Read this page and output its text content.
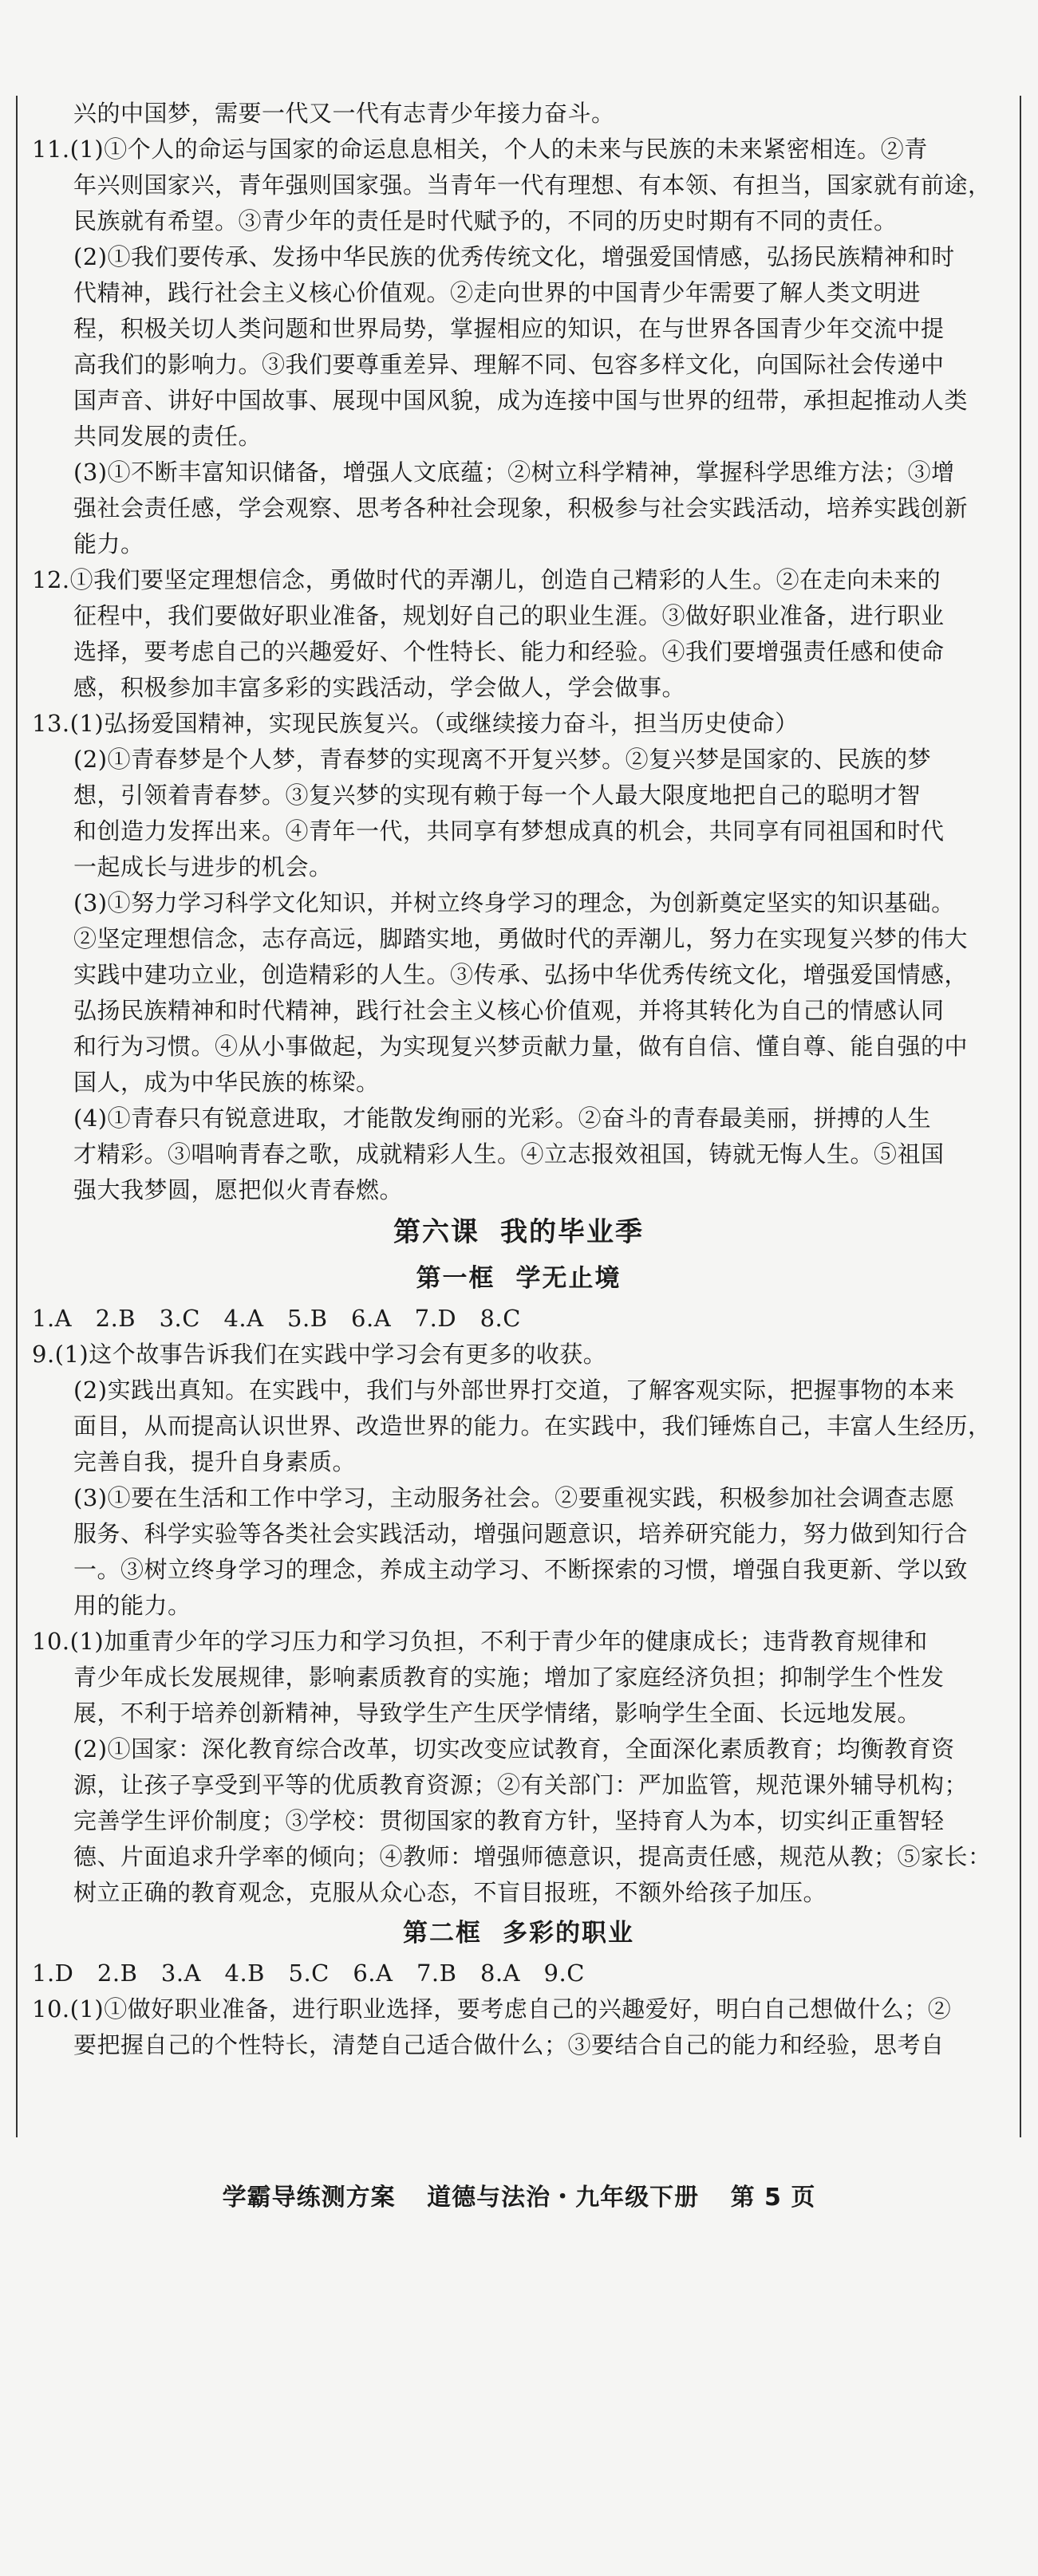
兴的中国梦，需要一代又一代有志青少年接力奋斗。

11.(1)①个人的命运与国家的命运息息相关，个人的未来与民族的未来紧密相连。②青

年兴则国家兴，青年强则国家强。当青年一代有理想、有本领、有担当，国家就有前途，

民族就有希望。③青少年的责任是时代赋予的，不同的历史时期有不同的责任。

(2)①我们要传承、发扬中华民族的优秀传统文化，增强爱国情感，弘扬民族精神和时

代精神，践行社会主义核心价值观。②走向世界的中国青少年需要了解人类文明进

程，积极关切人类问题和世界局势，掌握相应的知识，在与世界各国青少年交流中提

高我们的影响力。③我们要尊重差异、理解不同、包容多样文化，向国际社会传递中

国声音、讲好中国故事、展现中国风貌，成为连接中国与世界的纽带，承担起推动人类

共同发展的责任。

(3)①不断丰富知识储备，增强人文底蕴；②树立科学精神，掌握科学思维方法；③增

强社会责任感，学会观察、思考各种社会现象，积极参与社会实践活动，培养实践创新

能力。

12.①我们要坚定理想信念，勇做时代的弄潮儿，创造自己精彩的人生。②在走向未来的

征程中，我们要做好职业准备，规划好自己的职业生涯。③做好职业准备，进行职业

选择，要考虑自己的兴趣爱好、个性特长、能力和经验。④我们要增强责任感和使命

感，积极参加丰富多彩的实践活动，学会做人，学会做事。

13.(1)弘扬爱国精神，实现民族复兴。（或继续接力奋斗，担当历史使命）

(2)①青春梦是个人梦，青春梦的实现离不开复兴梦。②复兴梦是国家的、民族的梦

想，引领着青春梦。③复兴梦的实现有赖于每一个人最大限度地把自己的聪明才智

和创造力发挥出来。④青年一代，共同享有梦想成真的机会，共同享有同祖国和时代

一起成长与进步的机会。

(3)①努力学习科学文化知识，并树立终身学习的理念，为创新奠定坚实的知识基础。

②坚定理想信念，志存高远，脚踏实地，勇做时代的弄潮儿，努力在实现复兴梦的伟大

实践中建功立业，创造精彩的人生。③传承、弘扬中华优秀传统文化，增强爱国情感，

弘扬民族精神和时代精神，践行社会主义核心价值观，并将其转化为自己的情感认同

和行为习惯。④从小事做起，为实现复兴梦贡献力量，做有自信、懂自尊、能自强的中

国人，成为中华民族的栋梁。

(4)①青春只有锐意进取，才能散发绚丽的光彩。②奋斗的青春最美丽，拼搏的人生

才精彩。③唱响青春之歌，成就精彩人生。④立志报效祖国，铸就无悔人生。⑤祖国

强大我梦圆，愿把似火青春燃。

第六课 我的毕业季
第一框 学无止境

1.A　2.B　3.C　4.A　5.B　6.A　7.D　8.C

9.(1)这个故事告诉我们在实践中学习会有更多的收获。

(2)实践出真知。在实践中，我们与外部世界打交道，了解客观实际，把握事物的本来

面目，从而提高认识世界、改造世界的能力。在实践中，我们锤炼自己，丰富人生经历，

完善自我，提升自身素质。

(3)①要在生活和工作中学习，主动服务社会。②要重视实践，积极参加社会调查志愿

服务、科学实验等各类社会实践活动，增强问题意识，培养研究能力，努力做到知行合

一。③树立终身学习的理念，养成主动学习、不断探索的习惯，增强自我更新、学以致

用的能力。

10.(1)加重青少年的学习压力和学习负担，不利于青少年的健康成长；违背教育规律和

青少年成长发展规律，影响素质教育的实施；增加了家庭经济负担；抑制学生个性发

展，不利于培养创新精神，导致学生产生厌学情绪，影响学生全面、长远地发展。

(2)①国家：深化教育综合改革，切实改变应试教育，全面深化素质教育；均衡教育资

源，让孩子享受到平等的优质教育资源；②有关部门：严加监管，规范课外辅导机构；

完善学生评价制度；③学校：贯彻国家的教育方针，坚持育人为本，切实纠正重智轻

德、片面追求升学率的倾向；④教师：增强师德意识，提高责任感，规范从教；⑤家长：

树立正确的教育观念，克服从众心态，不盲目报班，不额外给孩子加压。

第二框 多彩的职业

1.D　2.B　3.A　4.B　5.C　6.A　7.B　8.A　9.C

10.(1)①做好职业准备，进行职业选择，要考虑自己的兴趣爱好，明白自己想做什么；②

要把握自己的个性特长，清楚自己适合做什么；③要结合自己的能力和经验，思考自

学霸导练测方案 道德与法治・九年级下册 第 5 页
